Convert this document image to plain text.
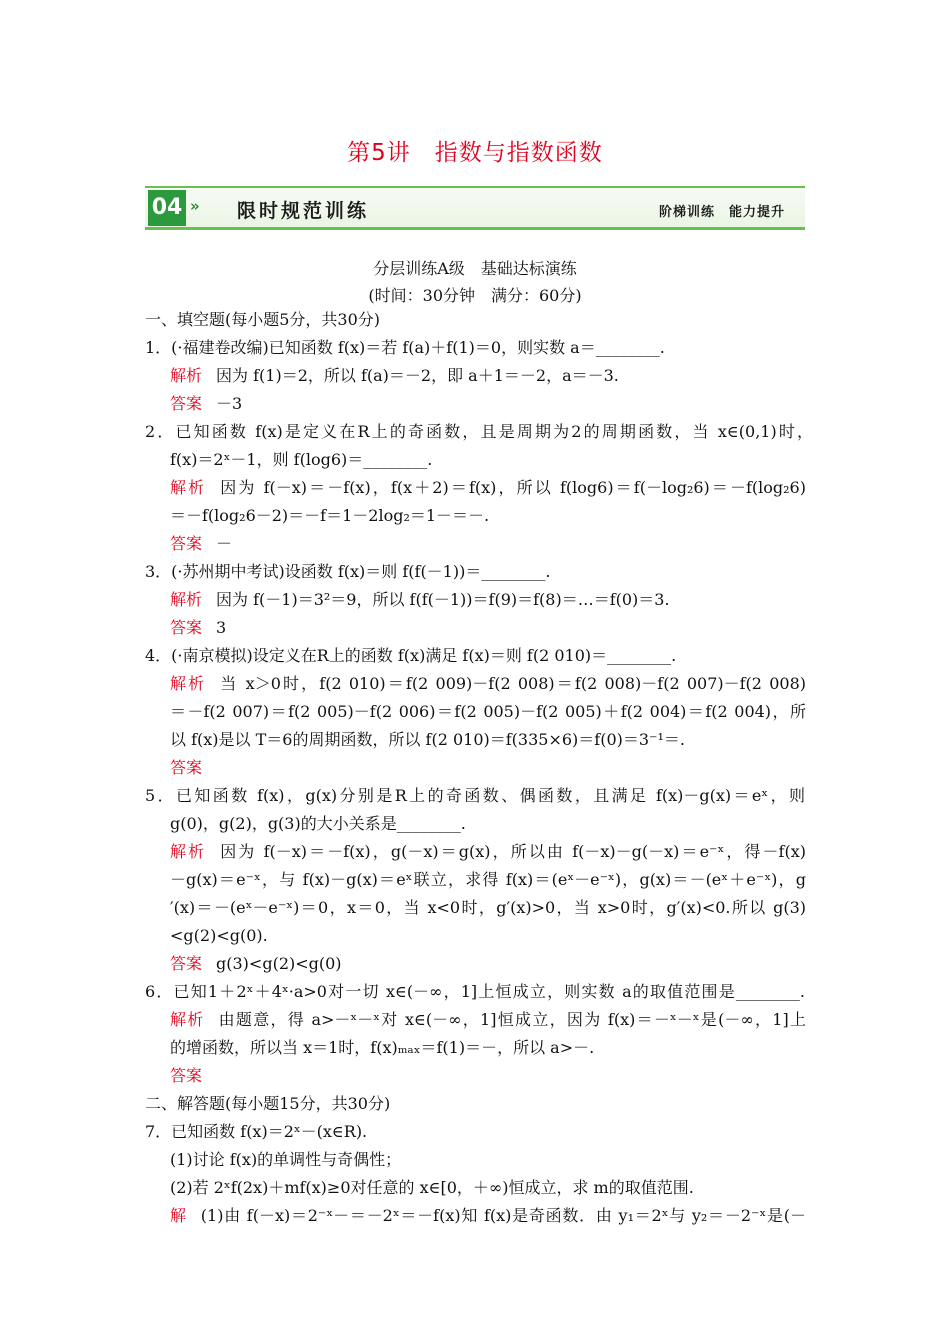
第5讲　指数与指数函数
04 » 限时规范训练	阶梯训练　能力提升
分层训练A级　基础达标演练
(时间：30分钟　满分：60分)
一、填空题(每小题5分，共30分)
1．(·福建卷改编)已知函数 f(x)＝若 f(a)＋f(1)＝0，则实数 a＝________.
解析 因为 f(1)＝2，所以 f(a)＝－2，即 a＋1＝－2，a＝－3.
答案 －3
2．已知函数 f(x)是定义在R上的奇函数，且是周期为2的周期函数，当 x∈(0,1)时，
f(x)＝2ˣ－1，则 f(log6)＝________.
解析 因为 f(－x)＝－f(x)，f(x＋2)＝f(x)，所以 f(log6)＝f(－log₂6)＝－f(log₂6)
＝－f(log₂6－2)＝－f＝1－2log₂＝1－＝－.
答案 －
3．(·苏州期中考试)设函数 f(x)＝则 f(f(－1))＝________.
解析 因为 f(－1)＝3²＝9，所以 f(f(－1))＝f(9)＝f(8)＝…＝f(0)＝3.
答案 3
4．(·南京模拟)设定义在R上的函数 f(x)满足 f(x)＝则 f(2 010)＝________.
解析 当 x＞0时，f(2 010)＝f(2 009)－f(2 008)＝f(2 008)－f(2 007)－f(2 008)
＝－f(2 007)＝f(2 005)－f(2 006)＝f(2 005)－f(2 005)＋f(2 004)＝f(2 004)，所
以 f(x)是以 T＝6的周期函数，所以 f(2 010)＝f(335×6)＝f(0)＝3⁻¹＝.
答案
5．已知函数 f(x)，g(x)分别是R上的奇函数、偶函数，且满足 f(x)－g(x)＝eˣ，则
g(0)，g(2)，g(3)的大小关系是________.
解析 因为 f(－x)＝－f(x)，g(－x)＝g(x)，所以由 f(－x)－g(－x)＝e⁻ˣ，得－f(x)
－g(x)＝e⁻ˣ，与 f(x)－g(x)＝eˣ联立，求得 f(x)＝(eˣ－e⁻ˣ)，g(x)＝－(eˣ＋e⁻ˣ)，g
′(x)＝－(eˣ－e⁻ˣ)＝0，x＝0，当 x<0时，g′(x)>0，当 x>0时，g′(x)<0.所以 g(3)
<g(2)<g(0).
答案 g(3)<g(2)<g(0)
6．已知1＋2ˣ＋4ˣ·a>0对一切 x∈(－∞，1]上恒成立，则实数 a的取值范围是________.
解析 由题意，得 a>－ˣ－ˣ对 x∈(－∞，1]恒成立，因为 f(x)＝－ˣ－ˣ是(－∞，1]上
的增函数，所以当 x＝1时，f(x)ₘₐₓ＝f(1)＝－，所以 a>－.
答案
二、解答题(每小题15分，共30分)
7．已知函数 f(x)＝2ˣ－(x∈R).
(1)讨论 f(x)的单调性与奇偶性；
(2)若 2ˣf(2x)＋mf(x)≥0对任意的 x∈[0，＋∞)恒成立，求 m的取值范围.
解 (1)由 f(－x)＝2⁻ˣ－＝－2ˣ＝－f(x)知 f(x)是奇函数．由 y₁＝2ˣ与 y₂＝－2⁻ˣ是(－
